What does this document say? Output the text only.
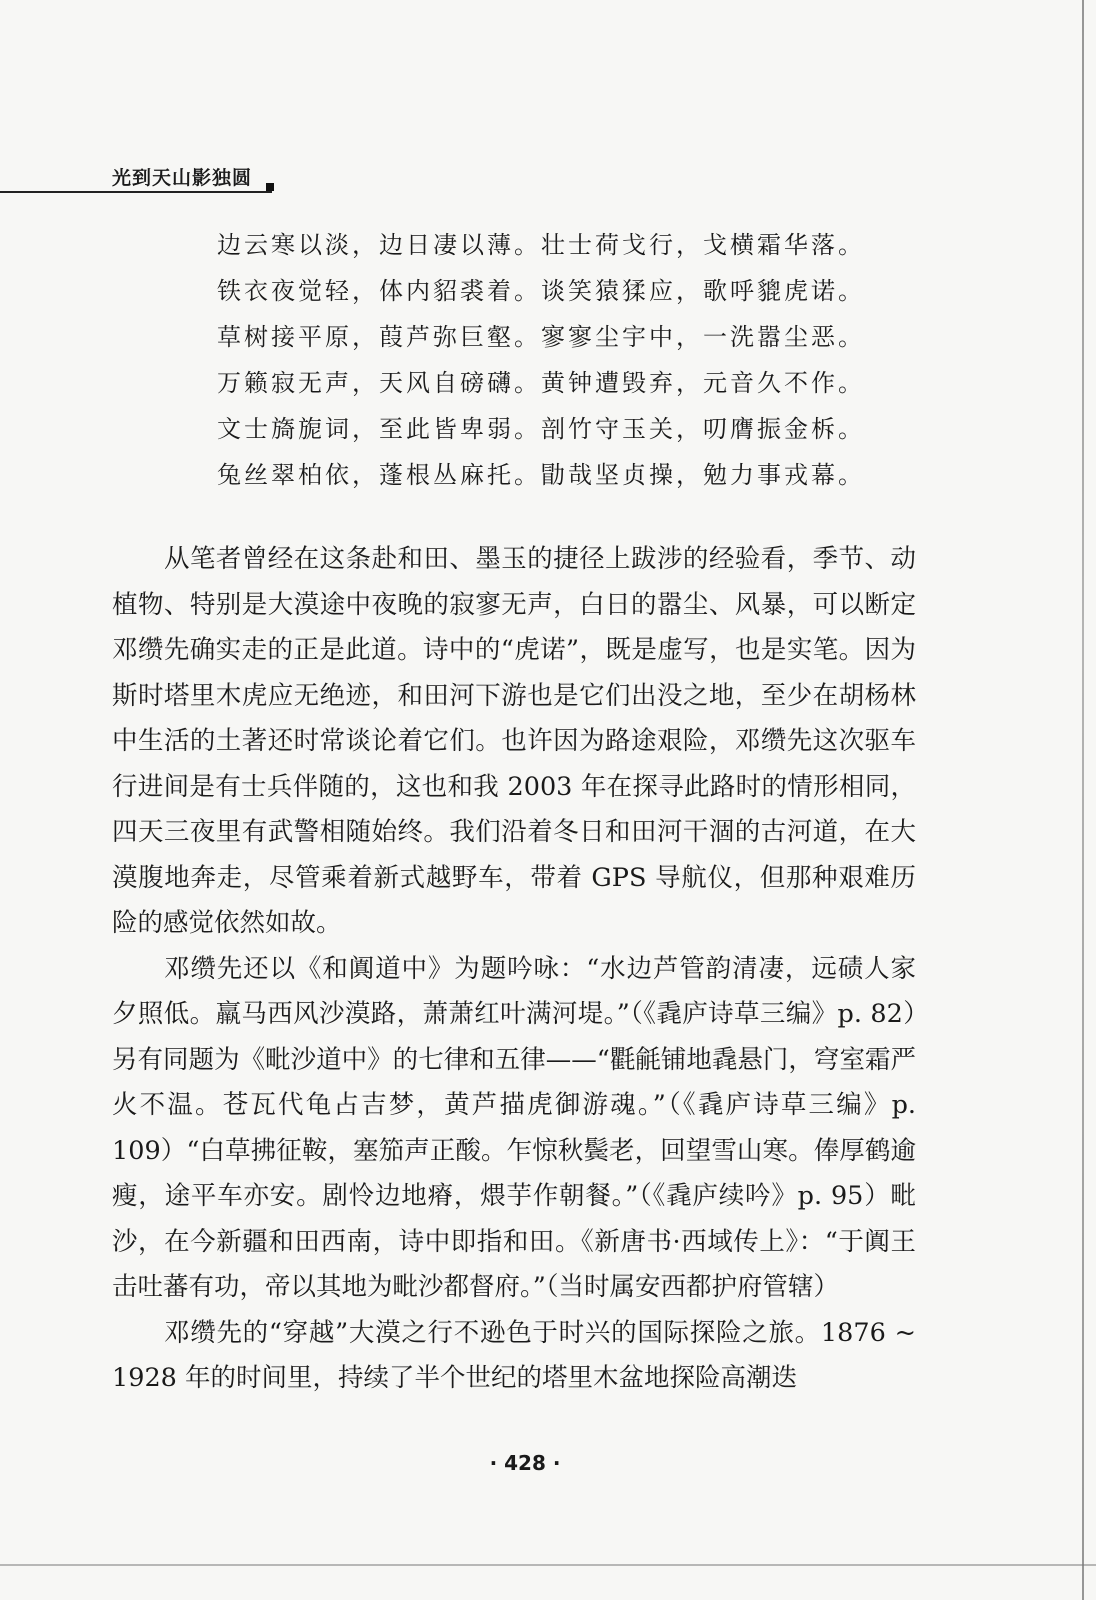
光到天山影独圆
边云寒以淡，边日凄以薄。壮士荷戈行，戈横霜华落。
铁衣夜觉轻，体内貂裘着。谈笑猿猱应，歌呼貔虎诺。
草树接平原，葭芦弥巨壑。寥寥尘宇中，一洗嚣尘恶。
万籁寂无声，天风自磅礴。黄钟遭毁弃，元音久不作。
文士旖旎词，至此皆卑弱。剖竹守玉关，叨膺振金柝。
兔丝翠柏依，蓬根丛麻托。勖哉坚贞操，勉力事戎幕。

从笔者曾经在这条赴和田、墨玉的捷径上跋涉的经验看，季节、动植物、特别是大漠途中夜晚的寂寥无声，白日的嚣尘、风暴，可以断定邓缵先确实走的正是此道。诗中的“虎诺”，既是虚写，也是实笔。因为斯时塔里木虎应无绝迹，和田河下游也是它们出没之地，至少在胡杨林中生活的土著还时常谈论着它们。也许因为路途艰险，邓缵先这次驱车行进间是有士兵伴随的，这也和我 2003 年在探寻此路时的情形相同，四天三夜里有武警相随始终。我们沿着冬日和田河干涸的古河道，在大漠腹地奔走，尽管乘着新式越野车，带着 GPS 导航仪，但那种艰难历险的感觉依然如故。

邓缵先还以《和阗道中》为题吟咏：“水边芦管韵清凄，远碛人家夕照低。羸马西风沙漠路，萧萧红叶满河堤。”（《毳庐诗草三编》p. 82）另有同题为《毗沙道中》的七律和五律——“氍毹铺地毳悬门，穹室霜严火不温。苍瓦代龟占吉梦，黄芦描虎御游魂。”（《毳庐诗草三编》p. 109）“白草拂征鞍，塞笳声正酸。乍惊秋鬓老，回望雪山寒。俸厚鹤逾瘦，途平车亦安。剧怜边地瘠，煨芋作朝餐。”（《毳庐续吟》p. 95）毗沙，在今新疆和田西南，诗中即指和田。《新唐书·西域传上》：“于阗王击吐蕃有功，帝以其地为毗沙都督府。”（当时属安西都护府管辖）

邓缵先的“穿越”大漠之行不逊色于时兴的国际探险之旅。1876 ~ 1928 年的时间里，持续了半个世纪的塔里木盆地探险高潮迭

· 428 ·
